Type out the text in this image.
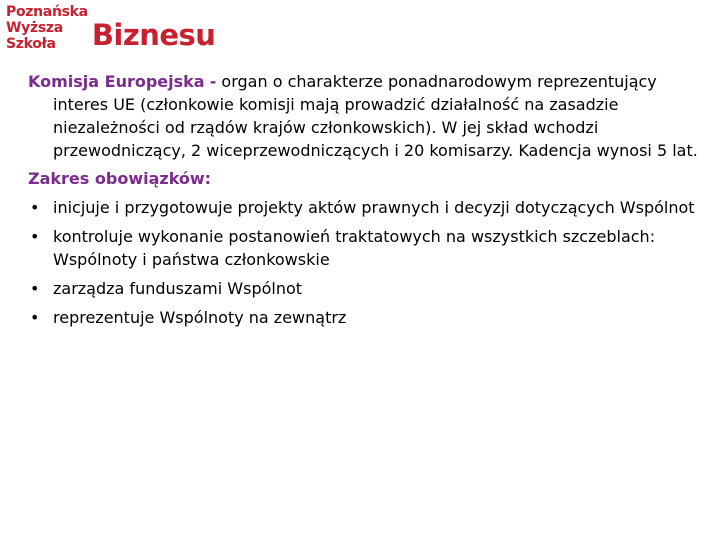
Poznańska
Wyższa
Szkoła	Biznesu

Komisja Europejska - organ o charakterze ponadnarodowym reprezentujący interes UE (członkowie komisji mają prowadzić działalność na zasadzie niezależności od rządów krajów członkowskich). W jej skład wchodzi przewodniczący, 2 wiceprzewodniczących i 20 komisarzy. Kadencja wynosi 5 lat.

Zakres obowiązków:
• inicjuje i przygotowuje projekty aktów prawnych i decyzji dotyczących Wspólnot
• kontroluje wykonanie postanowień traktatowych na wszystkich szczeblach: Wspólnoty i państwa członkowskie
• zarządza funduszami Wspólnot
• reprezentuje Wspólnoty na zewnątrz
